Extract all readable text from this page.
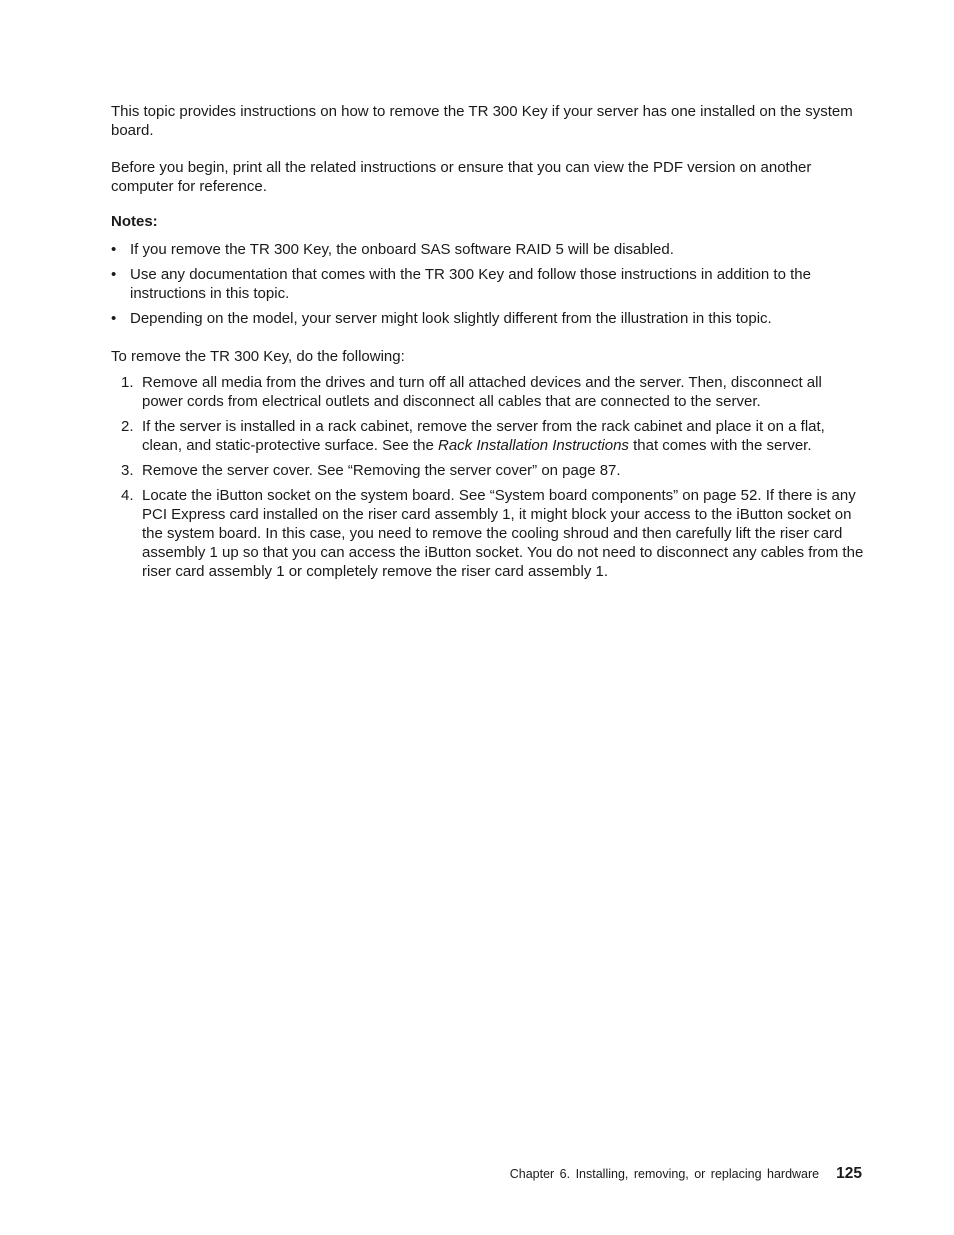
This topic provides instructions on how to remove the TR 300 Key if your server has one installed on the system board.

Before you begin, print all the related instructions or ensure that you can view the PDF version on another computer for reference.

Notes:

• If you remove the TR 300 Key, the onboard SAS software RAID 5 will be disabled.
• Use any documentation that comes with the TR 300 Key and follow those instructions in addition to the instructions in this topic.
• Depending on the model, your server might look slightly different from the illustration in this topic.

To remove the TR 300 Key, do the following:

1. Remove all media from the drives and turn off all attached devices and the server. Then, disconnect all power cords from electrical outlets and disconnect all cables that are connected to the server.
2. If the server is installed in a rack cabinet, remove the server from the rack cabinet and place it on a flat, clean, and static-protective surface. See the Rack Installation Instructions that comes with the server.
3. Remove the server cover. See “Removing the server cover” on page 87.
4. Locate the iButton socket on the system board. See “System board components” on page 52. If there is any PCI Express card installed on the riser card assembly 1, it might block your access to the iButton socket on the system board. In this case, you need to remove the cooling shroud and then carefully lift the riser card assembly 1 up so that you can access the iButton socket. You do not need to disconnect any cables from the riser card assembly 1 or completely remove the riser card assembly 1.
Chapter 6. Installing, removing, or replacing hardware 125
